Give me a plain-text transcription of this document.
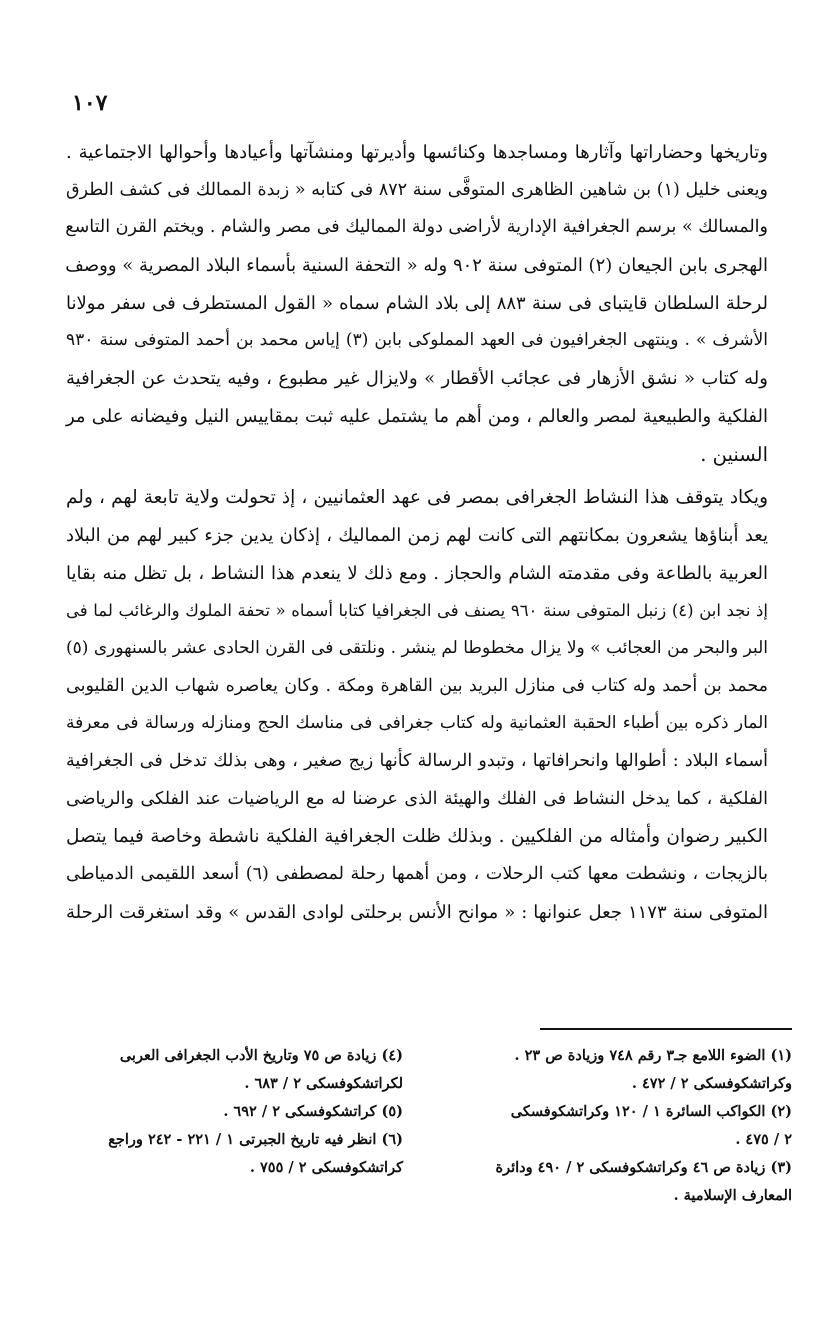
١٠٧
وتاريخها وحضاراتها وآثارها ومساجدها وكنائسها وأديرتها ومنشآتها وأعيادها وأحوالها الاجتماعية .
ويعنى خليل (١) بن شاهين الظاهرى المتوفَّى سنة ٨٧٢ فى كتابه « زبدة الممالك فى كشف الطرق
والمسالك » برسم الجغرافية الإدارية لأراضى دولة المماليك فى مصر والشام . ويختم القرن التاسع
الهجرى بابن الجيعان (٢) المتوفى سنة ٩٠٢ وله « التحفة السنية بأسماء البلاد المصرية » ووصف
لرحلة السلطان قايتباى فى سنة ٨٨٣ إلى بلاد الشام سماه « القول المستطرف فى سفر مولانا
الأشرف » . وينتهى الجغرافيون فى العهد المملوكى بابن (٣) إياس محمد بن أحمد المتوفى سنة ٩٣٠
وله كتاب « نشق الأزهار فى عجائب الأقطار » ولايزال غير مطبوع ، وفيه يتحدث عن الجغرافية
الفلكية والطبيعية لمصر والعالم ، ومن أهم ما يشتمل عليه ثبت بمقاييس النيل وفيضانه على مر
السنين .
ويكاد يتوقف هذا النشاط الجغرافى بمصر فى عهد العثمانيين ، إذ تحولت ولاية تابعة لهم ، ولم
يعد أبناؤها يشعرون بمكانتهم التى كانت لهم زمن المماليك ، إذكان يدين جزء كبير لهم من البلاد
العربية بالطاعة وفى مقدمته الشام والحجاز . ومع ذلك لا ينعدم هذا النشاط ، بل تظل منه بقايا
إذ نجد ابن (٤) زنبل المتوفى سنة ٩٦٠ يصنف فى الجغرافيا كتابا أسماه « تحفة الملوك والرغائب لما فى
البر والبحر من العجائب » ولا يزال مخطوطا لم ينشر . ونلتقى فى القرن الحادى عشر بالسنهورى (٥)
محمد بن أحمد وله كتاب فى منازل البريد بين القاهرة ومكة . وكان يعاصره شهاب الدين القليوبى
المار ذكره بين أطباء الحقبة العثمانية وله كتاب جغرافى فى مناسك الحج ومنازله ورسالة فى معرفة
أسماء البلاد : أطوالها وانحرافاتها ، وتبدو الرسالة كأنها زيج صغير ، وهى بذلك تدخل فى الجغرافية
الفلكية ، كما يدخل النشاط فى الفلك والهيئة الذى عرضنا له مع الرياضيات عند الفلكى والرياضى
الكبير رضوان وأمثاله من الفلكيين . وبذلك ظلت الجغرافية الفلكية ناشطة وخاصة فيما يتصل
بالزيجات ، ونشطت معها كتب الرحلات ، ومن أهمها رحلة لمصطفى (٦) أسعد اللقيمى الدمياطى
المتوفى سنة ١١٧٣ جعل عنوانها : « موانح الأنس برحلتى لوادى القدس » وقد استغرقت الرحلة
(١) الضوء اللامع جـ٣ رقم ٧٤٨ وزيادة ص ٢٣ .
وكراتشكوفسكى ٢ / ٤٧٢ .
(٢) الكواكب السائرة ١ / ١٢٠ وكراتشكوفسكى
٢ / ٤٧٥ .
(٣) زيادة ص ٤٦ وكراتشكوفسكى ٢ / ٤٩٠ ودائرة
المعارف الإسلامية .
(٤) زيادة ص ٧٥ وتاريخ الأدب الجغرافى العربى
لكراتشكوفسكى ٢ / ٦٨٣ .
(٥) كراتشكوفسكى ٢ / ٦٩٢ .
(٦) انظر فيه تاريخ الجبرتى ١ / ٢٢١ - ٢٤٢ وراجع
كراتشكوفسكى ٢ / ٧٥٥ .
